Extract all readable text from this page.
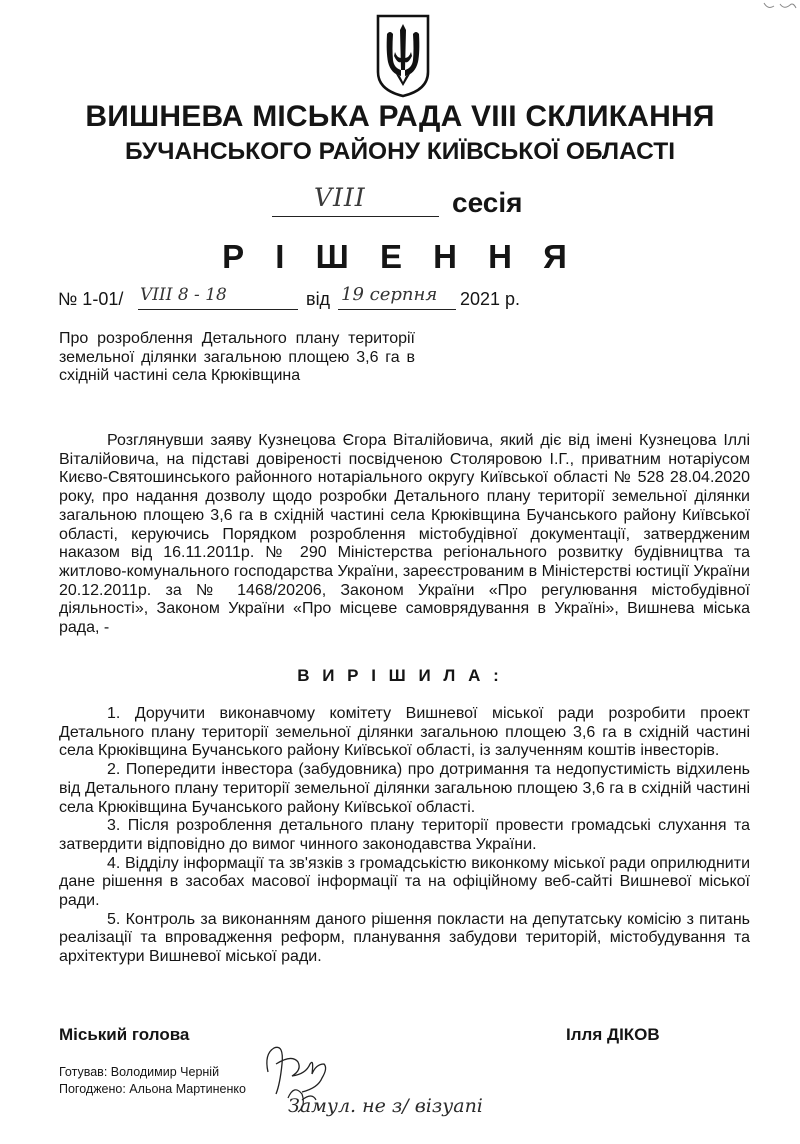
ВИШНЕВА МІСЬКА РАДА VIII СКЛИКАННЯ
БУЧАНСЬКОГО РАЙОНУ КИЇВСЬКОЇ ОБЛАСТІ
VIII	сесія
Р І Ш Е Н Н Я
№ 1-01/ VIII 8 - 18	від 19 серпня 2021 р.
Про розроблення Детального плану території земельної ділянки загальною площею 3,6 га в східній частині села Крюківщина
Розглянувши заяву Кузнецова Єгора Віталійовича, який діє від імені Кузнецова Іллі Віталійовича, на підставі довіреності посвідченою Столяровою І.Г., приватним нотаріусом Києво-Святошинського районного нотаріального округу Київської області № 528 28.04.2020 року, про надання дозволу щодо розробки Детального плану території земельної ділянки загальною площею 3,6 га в східній частині села Крюківщина Бучанського району Київської області, керуючись Порядком розроблення містобудівної документації, затвердженим наказом від 16.11.2011р. № 290 Міністерства регіонального розвитку будівництва та житлово-комунального господарства України, зареєстрованим в Міністерстві юстиції України 20.12.2011р. за № 1468/20206, Законом України «Про регулювання містобудівної діяльності», Законом України «Про місцеве самоврядування в Україні», Вишнева міська рада, -
В И Р І Ш И Л А :

1. Доручити виконавчому комітету Вишневої міської ради розробити проект Детального плану території земельної ділянки загальною площею 3,6 га в східній частині села Крюківщина Бучанського району Київської області, із залученням коштів інвесторів.

2. Попередити інвестора (забудовника) про дотримання та недопустимість відхилень від Детального плану території земельної ділянки загальною площею 3,6 га в східній частині села Крюківщина Бучанського району Київської області.

3. Після розроблення детального плану території провести громадські слухання та затвердити відповідно до вимог чинного законодавства України.

4. Відділу інформації та зв'язків з громадськістю виконкому міської ради оприлюднити дане рішення в засобах масової інформації та на офіційному веб-сайті Вишневої міської ради.

5. Контроль за виконанням даного рішення покласти на депутатську комісію з питань реалізації та впровадження реформ, планування забудови територій, містобудування та архітектури Вишневої міської ради.

Міський голова	Ілля ДІКОВ
Готував: Володимир Черній
Погоджено: Альона Мартиненко
Замул. не з/ візуапі
